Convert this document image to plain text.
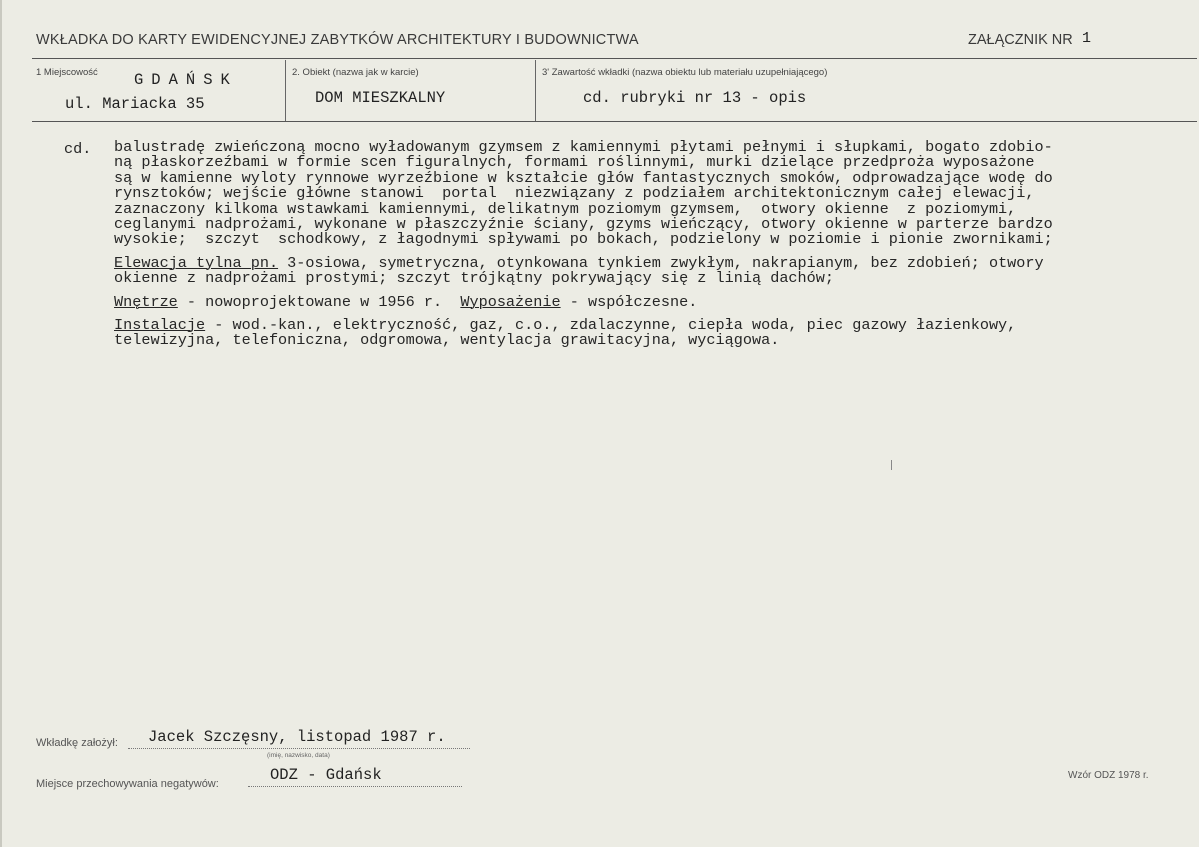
WKŁADKA DO KARTY EWIDENCYJNEJ ZABYTKÓW ARCHITEKTURY I BUDOWNICTWA	ZAŁĄCZNIK NR 1
1 Miejscowość GDAŃSK
ul. Mariacka 35
2. Obiekt (nazwa jak w karcie)
DOM MIESZKALNY
3' Zawartość wkładki (nazwa obiektu lub materiału uzupełniającego)
cd. rubryki nr 13 - opis
cd. balustradę zwieńczoną mocno wyładowanym gzymsem z kamiennymi płytami pełnymi i słupkami, bogato zdobio-
ną płaskorzeźbami w formie scen figuralnych, formami roślinnymi, murki dzielące przedproża wyposażone
są w kamienne wyloty rynnowe wyrzeźbione w kształcie głów fantastycznych smoków, odprowadzające wodę do
rynsztoków; wejście główne stanowi  portal  niezwiązany z podziałem architektonicznym całej elewacji,
zaznaczony kilkoma wstawkami kamiennymi, delikatnym poziomym gzymsem,  otwory okienne  z poziomymi,
ceglanymi nadprożami, wykonane w płaszczyźnie ściany, gzyms wieńczący, otwory okienne w parterze bardzo
wysokie;  szczyt  schodkowy, z łagodnymi spływami po bokach, podzielony w poziomie i pionie zwornikami;
Elewacja tylna pn. 3-osiowa, symetryczna, otynkowana tynkiem zwykłym, nakrapianym, bez zdobień; otwory
okienne z nadprożami prostymi; szczyt trójkątny pokrywający się z linią dachów;
Wnętrze - nowoprojektowane w 1956 r.  Wyposażenie - współczesne.
Instalacje - wod.-kan., elektryczność, gaz, c.o., zdalaczynne, ciepła woda, piec gazowy łazienkowy,
telewizyjna, telefoniczna, odgromowa, wentylacja grawitacyjna, wyciągowa.
Wkładkę założył: Jacek Szczęsny, listopad 1987 r.
(imię, nazwisko, data)
Miejsce przechowywania negatywów:	ODZ - Gdańsk	Wzór ODZ 1978 r.
